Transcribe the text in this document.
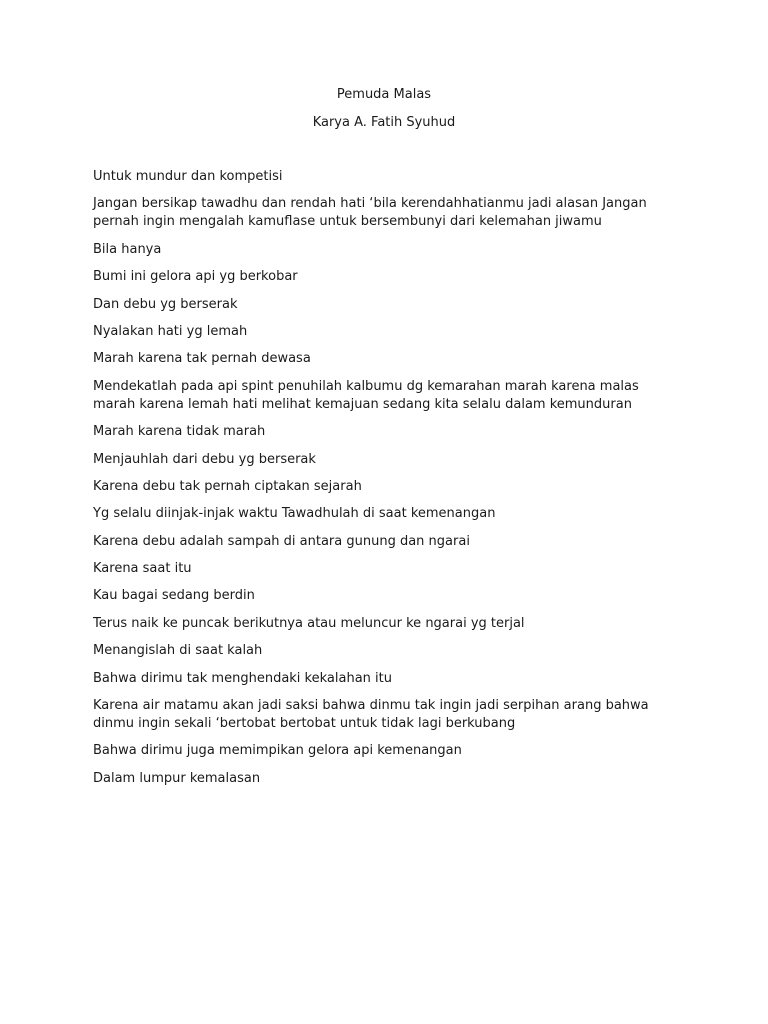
Pemuda Malas

Karya A. Fatih Syuhud

Untuk mundur dan kompetisi

Jangan bersikap tawadhu dan rendah hati ‘bila kerendahhatianmu jadi alasan Jangan pernah ingin mengalah kamuflase untuk bersembunyi dari kelemahan jiwamu

Bila hanya

Bumi ini gelora api yg berkobar

Dan debu yg berserak

Nyalakan hati yg lemah

Marah karena tak pernah dewasa

Mendekatlah pada api spint penuhilah kalbumu dg kemarahan marah karena malas marah karena lemah hati melihat kemajuan sedang kita selalu dalam kemunduran

Marah karena tidak marah

Menjauhlah dari debu yg berserak

Karena debu tak pernah ciptakan sejarah

Yg selalu diinjak-injak waktu Tawadhulah di saat kemenangan

Karena debu adalah sampah di antara gunung dan ngarai

Karena saat itu

Kau bagai sedang berdin

Terus naik ke puncak berikutnya atau meluncur ke ngarai yg terjal

Menangislah di saat kalah

Bahwa dirimu tak menghendaki kekalahan itu

Karena air matamu akan jadi saksi bahwa dinmu tak ingin jadi serpihan arang bahwa dinmu ingin sekali ‘bertobat bertobat untuk tidak lagi berkubang

Bahwa dirimu juga memimpikan gelora api kemenangan

Dalam lumpur kemalasan
